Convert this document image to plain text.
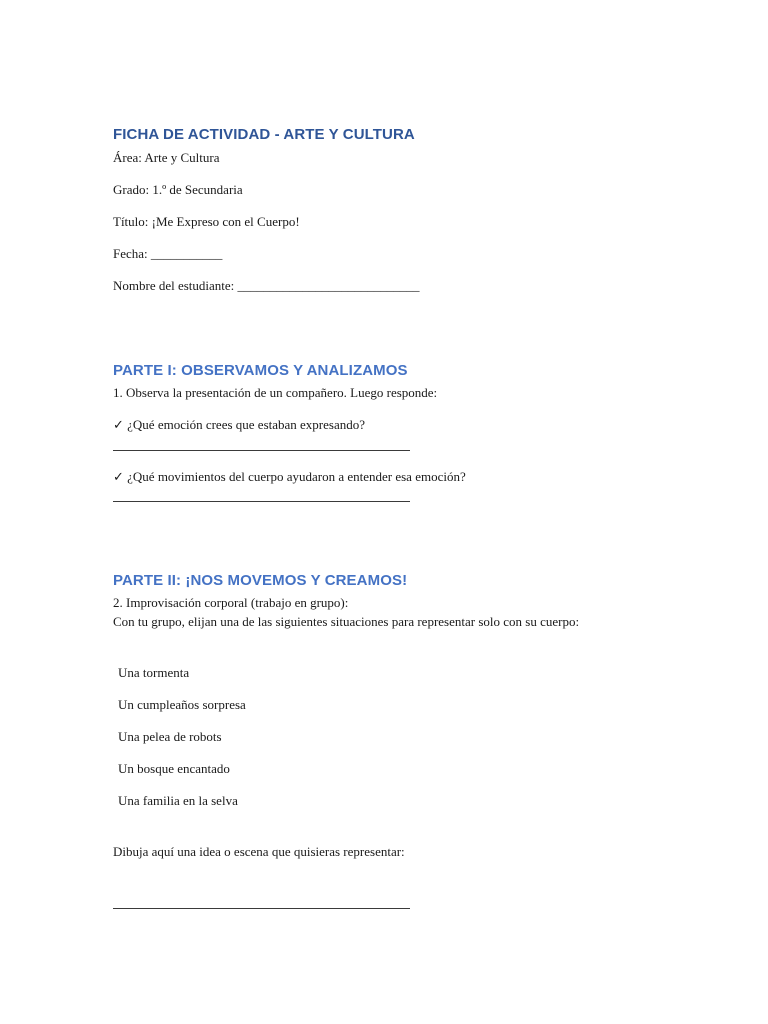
FICHA DE ACTIVIDAD - ARTE Y CULTURA
Área: Arte y Cultura
Grado: 1.º de Secundaria
Título: ¡Me Expreso con el Cuerpo!
Fecha: ___________
Nombre del estudiante: ____________________________
PARTE I: OBSERVAMOS Y ANALIZAMOS
1. Observa la presentación de un compañero. Luego responde:
✓ ¿Qué emoción crees que estaban expresando?
✓ ¿Qué movimientos del cuerpo ayudaron a entender esa emoción?
PARTE II: ¡NOS MOVEMOS Y CREAMOS!
2. Improvisación corporal (trabajo en grupo):
Con tu grupo, elijan una de las siguientes situaciones para representar solo con su cuerpo:
Una tormenta
Un cumpleaños sorpresa
Una pelea de robots
Un bosque encantado
Una familia en la selva
Dibuja aquí una idea o escena que quisieras representar:
